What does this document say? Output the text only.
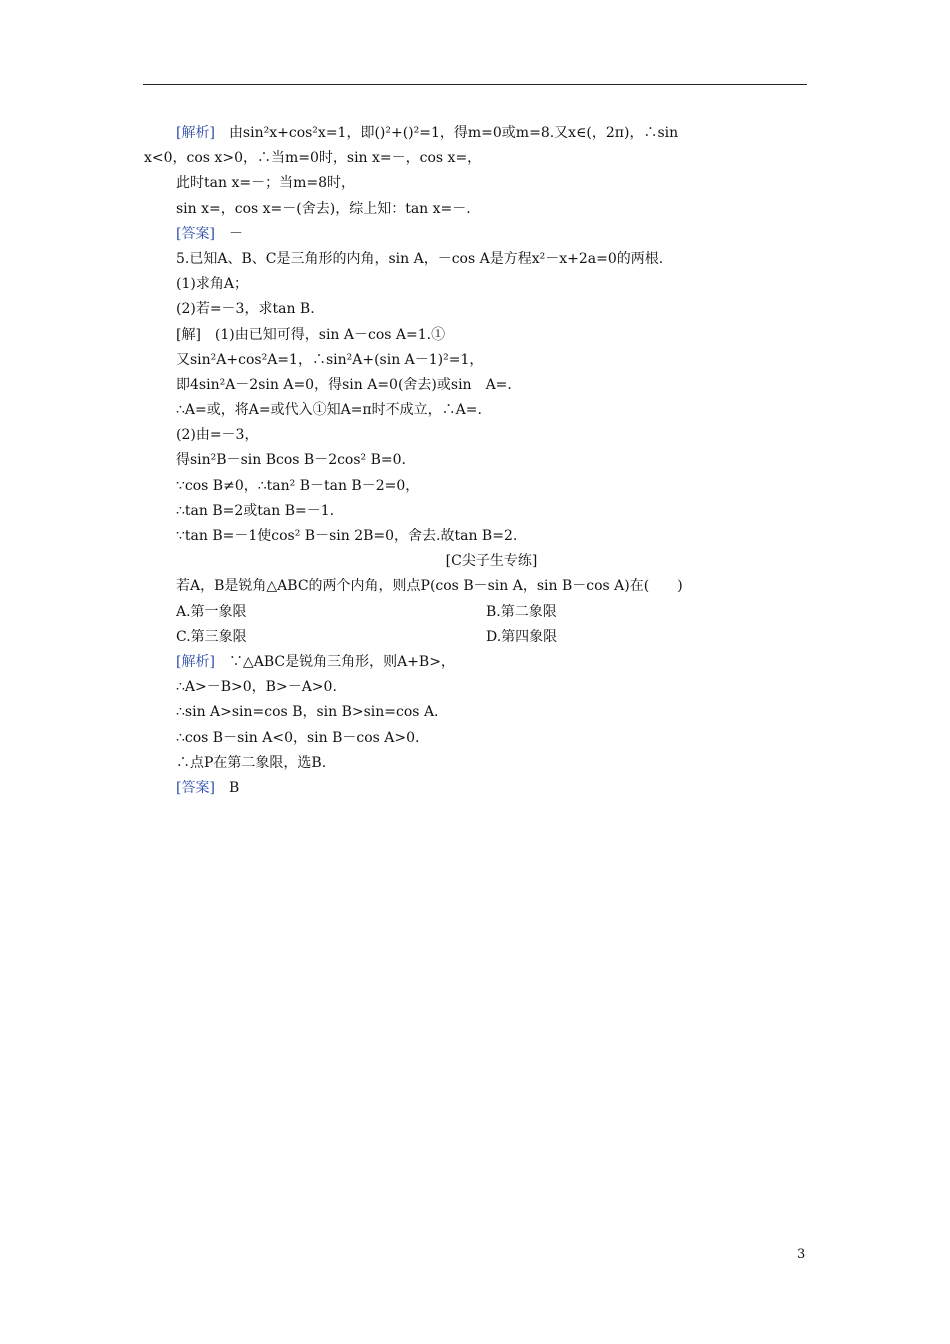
[解析]　 由sin²x+cos²x=1，即()²+()²=1，得m=0或m=8.又x∈(，2π)，∴sin
x<0，cos x>0，∴当m=0时，sin x=－，cos x=，
此时tan x=－；当m=8时，
sin x=，cos x=－(舍去)，综上知：tan x=－.
[答案]　 －
5.已知A、B、C是三角形的内角，sin A，－cos A是方程x²－x+2a=0的两根.
(1)求角A；
(2)若=－3，求tan B.
[解]　(1)由已知可得，sin A－cos A=1.①
又sin²A+cos²A=1，∴sin²A+(sin A－1)²=1，
即4sin²A－2sin A=0，得sin A=0(舍去)或sin　A=.
∴A=或，将A=或代入①知A=π时不成立，∴A=.
(2)由=－3，
得sin²B－sin Bcos B－2cos² B=0.
∵cos B≠0，∴tan² B－tan B－2=0，
∴tan B=2或tan B=－1.
∵tan B=－1使cos² B－sin 2B=0，舍去.故tan B=2.
[C尖子生专练]
若A，B是锐角△ABC的两个内角，则点P(cos B－sin A，sin B－cos A)在(　　)
A.第一象限	B.第二象限
C.第三象限	D.第四象限
[解析]　 ∵△ABC是锐角三角形，则A+B>，
∴A>－B>0，B>－A>0.
∴sin A>sin=cos B，sin B>sin=cos A.
∴cos B－sin A<0，sin B－cos A>0.
∴点P在第二象限，选B.
[答案]　 B
3
